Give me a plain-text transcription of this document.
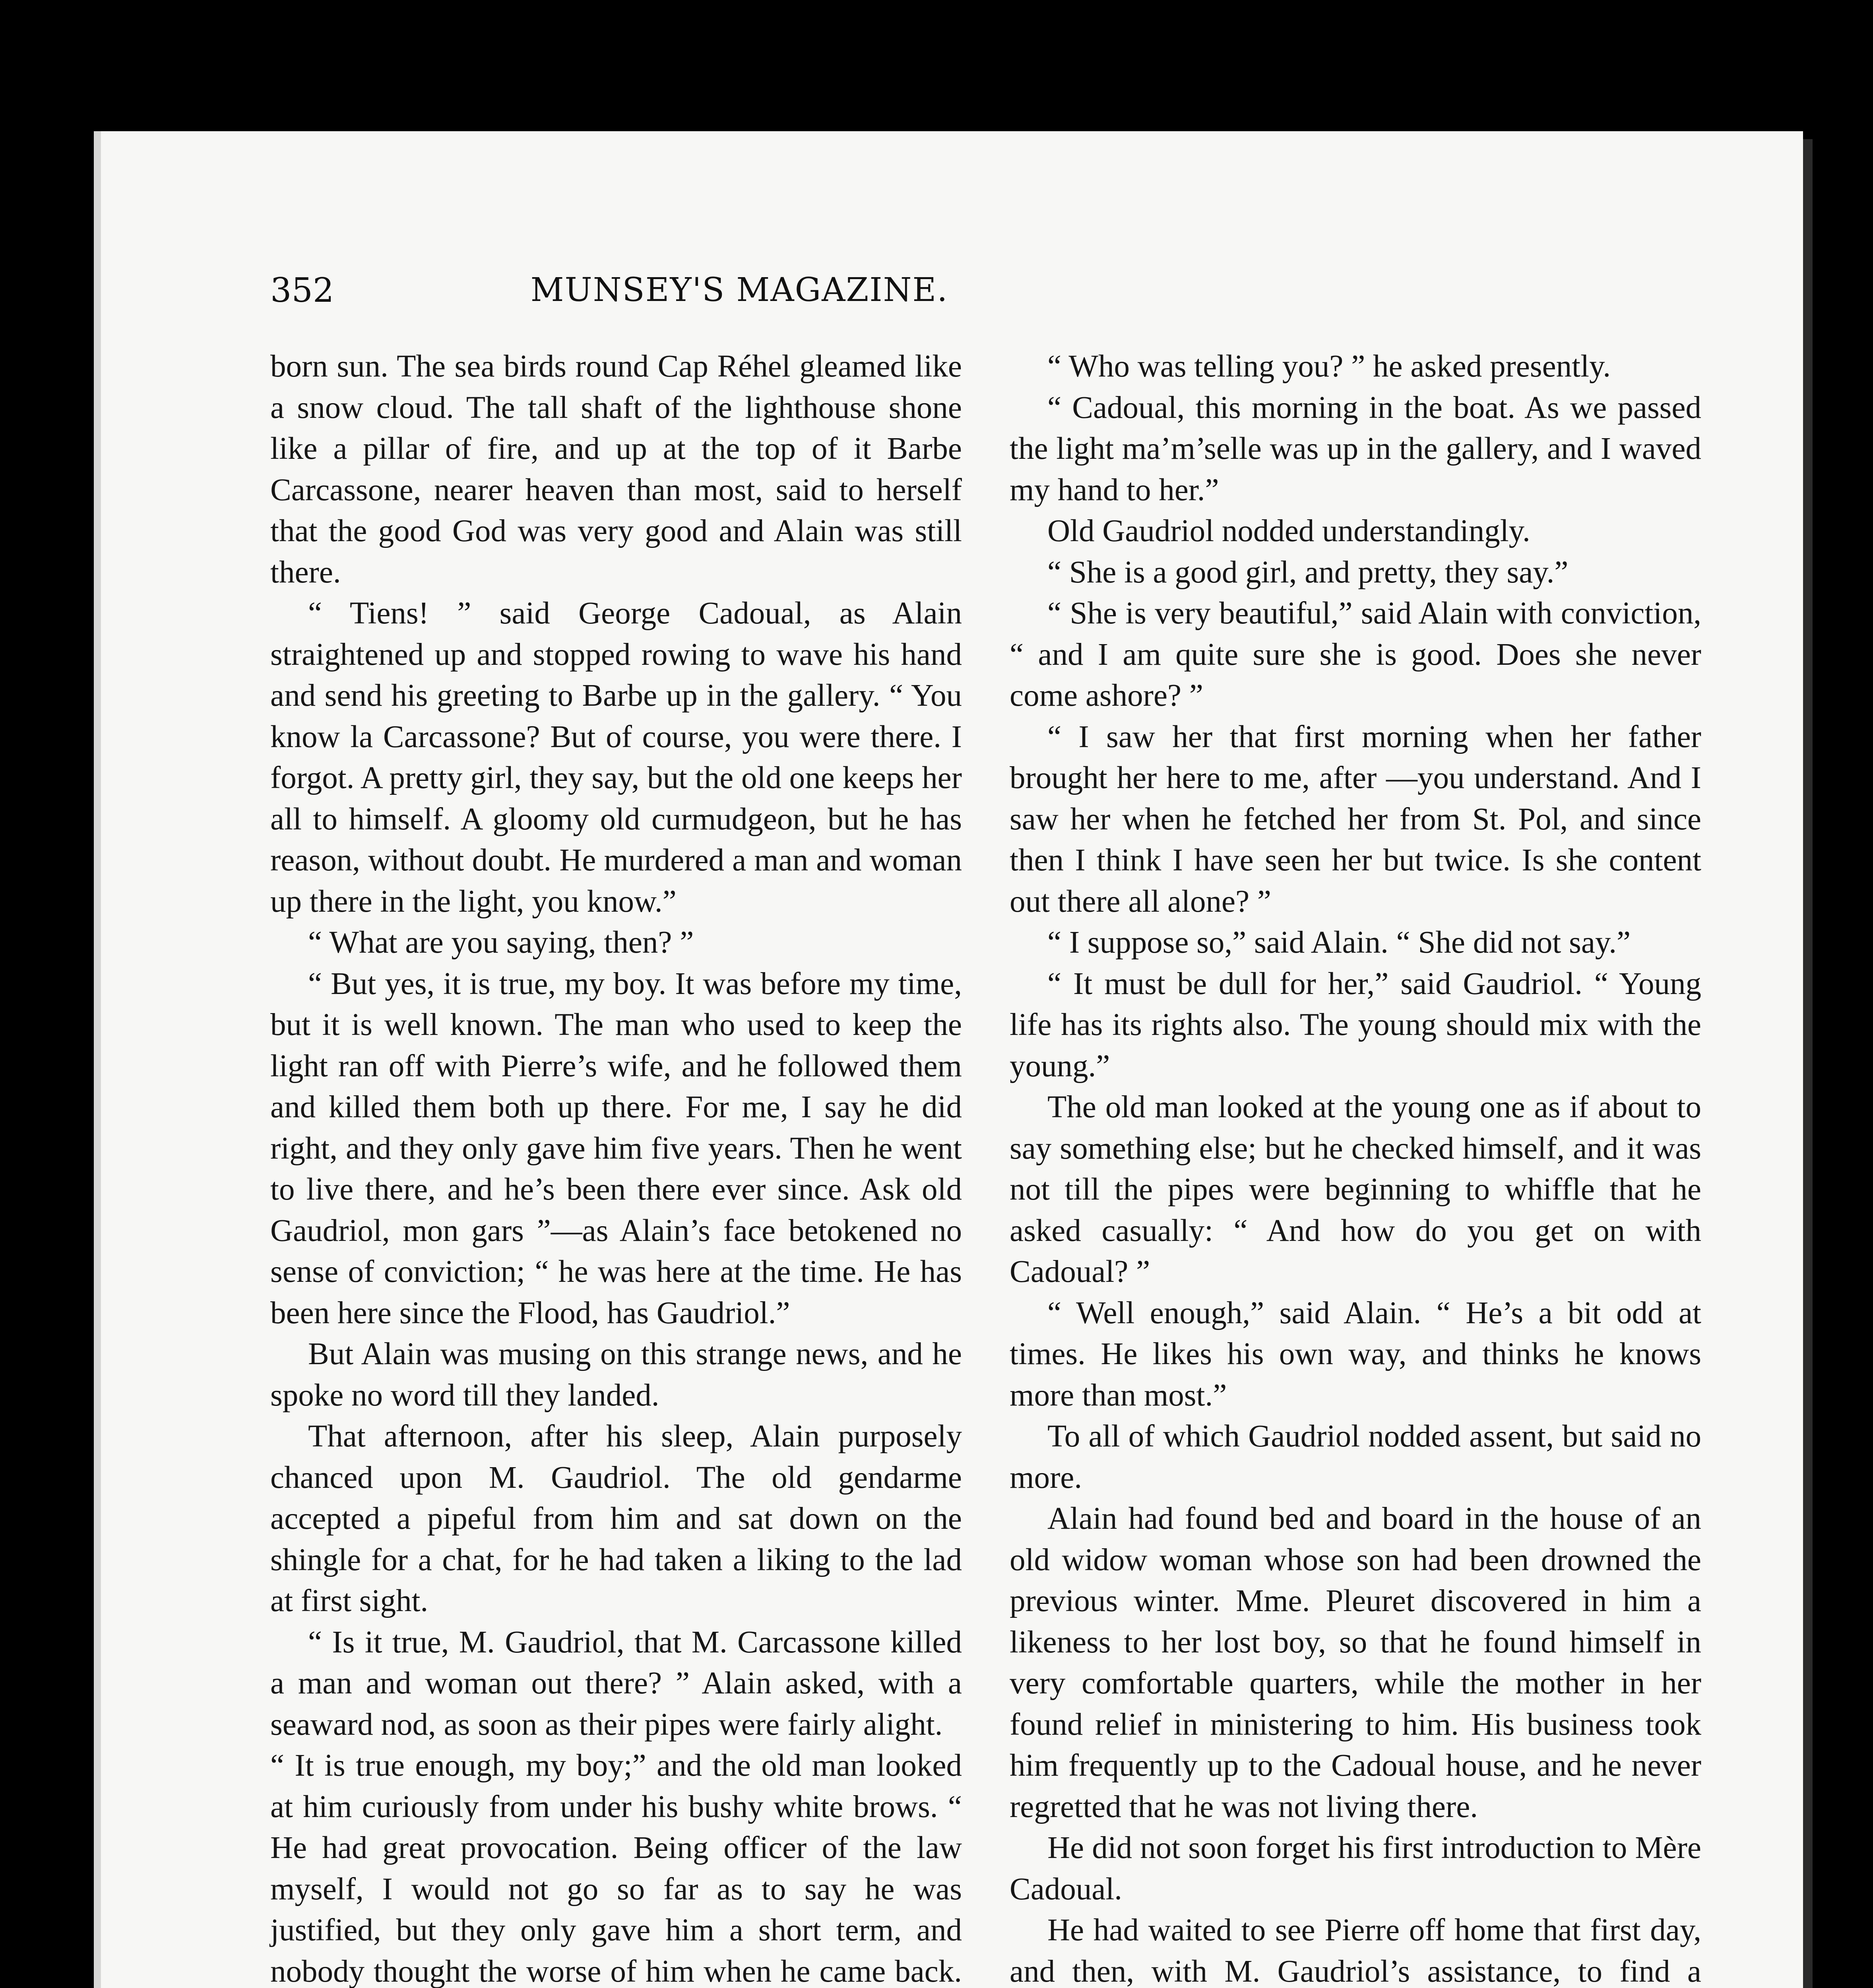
352	MUNSEY'S MAGAZINE.

born sun. The sea birds round Cap Réhel gleamed like a snow cloud. The tall shaft of the lighthouse shone like a pillar of fire, and up at the top of it Barbe Carcassone, nearer heaven than most, said to herself that the good God was very good and Alain was still there.

“ Tiens! ” said George Cadoual, as Alain straightened up and stopped rowing to wave his hand and send his greeting to Barbe up in the gallery. “ You know la Carcassone? But of course, you were there. I forgot. A pretty girl, they say, but the old one keeps her all to himself. A gloomy old curmudgeon, but he has reason, without doubt. He murdered a man and woman up there in the light, you know.”

“ What are you saying, then? ”

“ But yes, it is true, my boy. It was before my time, but it is well known. The man who used to keep the light ran off with Pierre’s wife, and he followed them and killed them both up there. For me, I say he did right, and they only gave him five years. Then he went to live there, and he’s been there ever since. Ask old Gaudriol, mon gars ”—as Alain’s face betokened no sense of conviction; “ he was here at the time. He has been here since the Flood, has Gaudriol.”

But Alain was musing on this strange news, and he spoke no word till they landed.

That afternoon, after his sleep, Alain purposely chanced upon M. Gaudriol. The old gendarme accepted a pipeful from him and sat down on the shingle for a chat, for he had taken a liking to the lad at first sight.

“ Is it true, M. Gaudriol, that M. Carcassone killed a man and woman out there? ” Alain asked, with a seaward nod, as soon as their pipes were fairly alight.

“ It is true enough, my boy;” and the old man looked at him curiously from under his bushy white brows. “ He had great provocation. Being officer of the law myself, I would not go so far as to say he was justified, but they only gave him a short term, and nobody thought the worse of him when he came back.

“ Who was telling you? ” he asked presently.

“ Cadoual, this morning in the boat. As we passed the light ma’m’selle was up in the gallery, and I waved my hand to her.”

Old Gaudriol nodded understandingly.

“ She is a good girl, and pretty, they say.”

“ She is very beautiful,” said Alain with conviction, “ and I am quite sure she is good. Does she never come ashore? ”

“ I saw her that first morning when her father brought her here to me, after —you understand. And I saw her when he fetched her from St. Pol, and since then I think I have seen her but twice. Is she content out there all alone? ”

“ I suppose so,” said Alain. “ She did not say.”

“ It must be dull for her,” said Gaudriol. “ Young life has its rights also. The young should mix with the young.”

The old man looked at the young one as if about to say something else; but he checked himself, and it was not till the pipes were beginning to whiffle that he asked casually: “ And how do you get on with Cadoual? ”

“ Well enough,” said Alain. “ He’s a bit odd at times. He likes his own way, and thinks he knows more than most.”

To all of which Gaudriol nodded assent, but said no more.

Alain had found bed and board in the house of an old widow woman whose son had been drowned the previous winter. Mme. Pleuret discovered in him a likeness to her lost boy, so that he found himself in very comfortable quarters, while the mother in her found relief in ministering to him. His business took him frequently up to the Cadoual house, and he never regretted that he was not living there.

He did not soon forget his first introduction to Mère Cadoual.

He had waited to see Pierre off home that first day, and then, with M. Gaudriol’s assistance, to find a
